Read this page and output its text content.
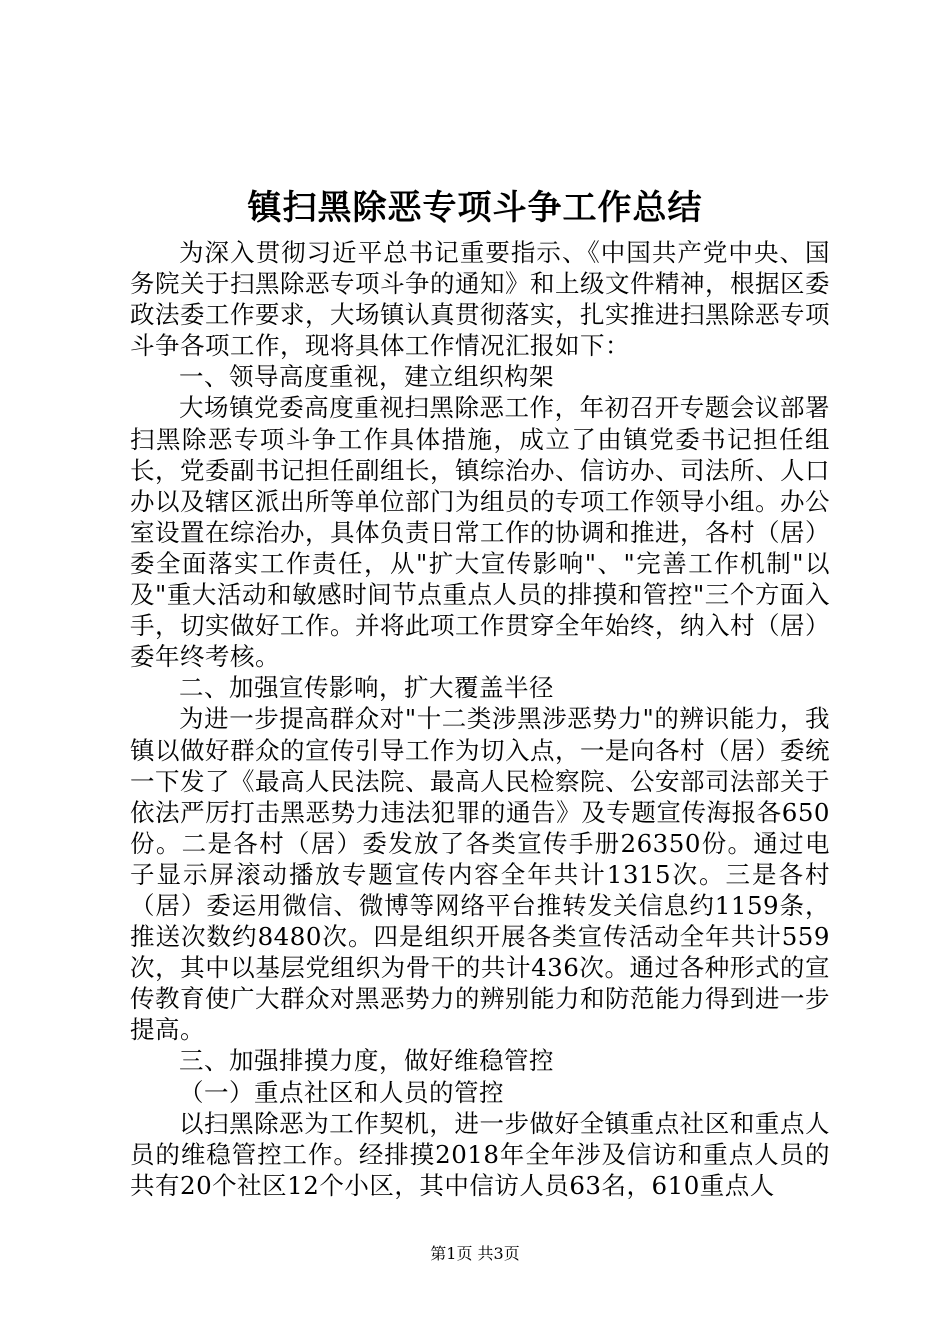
镇扫黑除恶专项斗争工作总结

为深入贯彻习近平总书记重要指示、《中国共产党中央、国务院关于扫黑除恶专项斗争的通知》和上级文件精神，根据区委政法委工作要求，大场镇认真贯彻落实，扎实推进扫黑除恶专项斗争各项工作，现将具体工作情况汇报如下：

一、领导高度重视，建立组织构架

大场镇党委高度重视扫黑除恶工作，年初召开专题会议部署扫黑除恶专项斗争工作具体措施，成立了由镇党委书记担任组长，党委副书记担任副组长，镇综治办、信访办、司法所、人口办以及辖区派出所等单位部门为组员的专项工作领导小组。办公室设置在综治办，具体负责日常工作的协调和推进，各村（居）委全面落实工作责任，从"扩大宣传影响"、"完善工作机制"以及"重大活动和敏感时间节点重点人员的排摸和管控"三个方面入手，切实做好工作。并将此项工作贯穿全年始终，纳入村（居）委年终考核。

二、加强宣传影响，扩大覆盖半径

为进一步提高群众对"十二类涉黑涉恶势力"的辨识能力，我镇以做好群众的宣传引导工作为切入点，一是向各村（居）委统一下发了《最高人民法院、最高人民检察院、公安部司法部关于依法严厉打击黑恶势力违法犯罪的通告》及专题宣传海报各650份。二是各村（居）委发放了各类宣传手册26350份。通过电子显示屏滚动播放专题宣传内容全年共计1315次。三是各村（居）委运用微信、微博等网络平台推转发关信息约1159条，推送次数约8480次。四是组织开展各类宣传活动全年共计559次，其中以基层党组织为骨干的共计436次。通过各种形式的宣传教育使广大群众对黑恶势力的辨别能力和防范能力得到进一步提高。

三、加强排摸力度，做好维稳管控

（一）重点社区和人员的管控

以扫黑除恶为工作契机，进一步做好全镇重点社区和重点人员的维稳管控工作。经排摸2018年全年涉及信访和重点人员的共有20个社区12个小区，其中信访人员63名，610重点人

第1页 共3页
